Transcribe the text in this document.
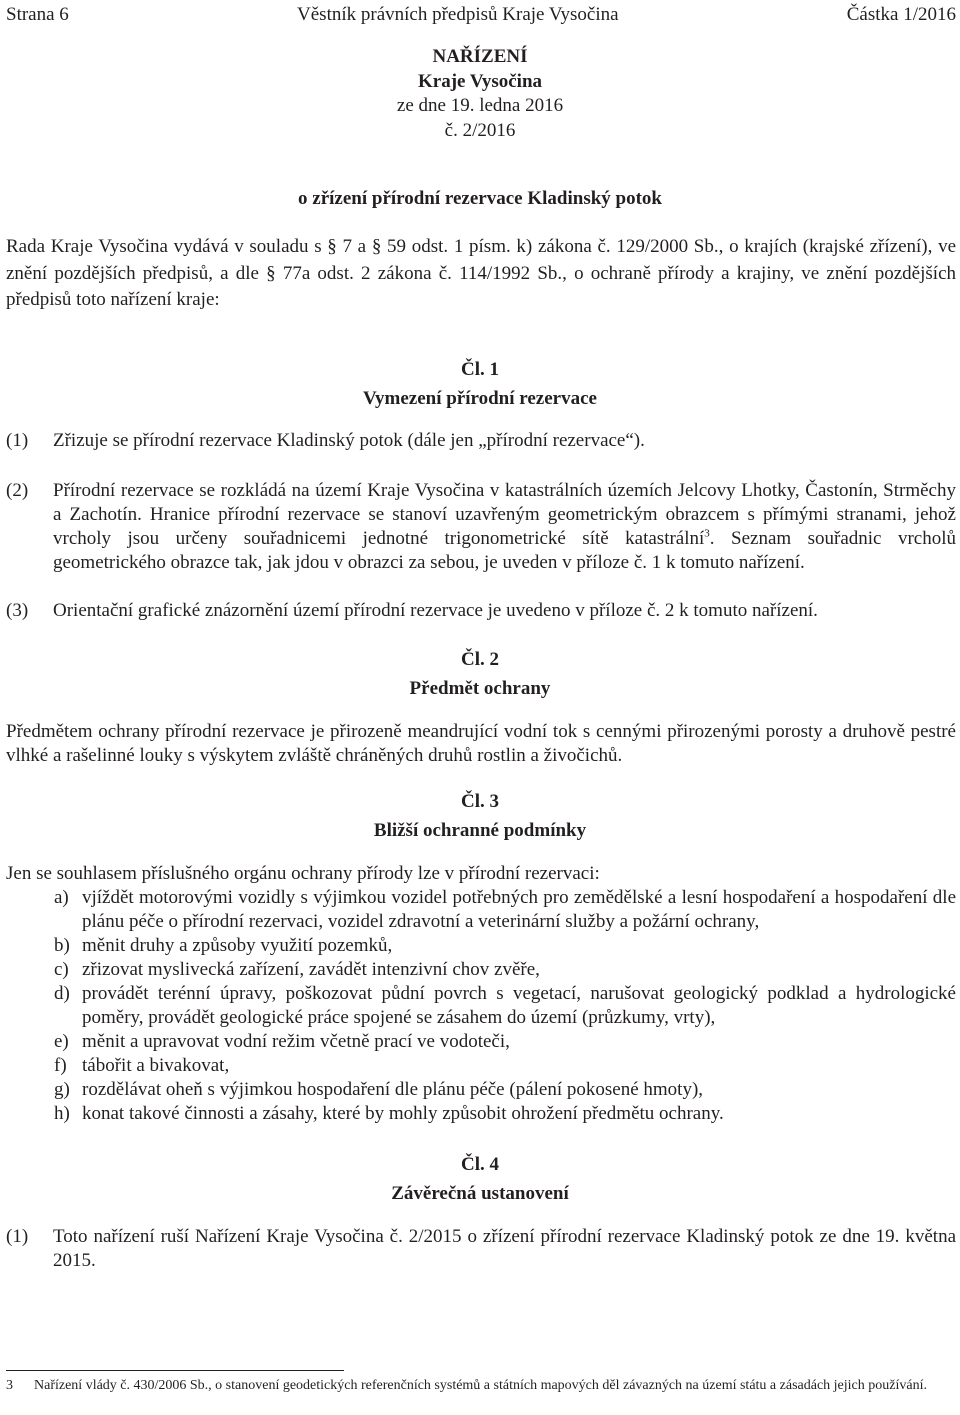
Strana 6	Věstník právních předpisů Kraje Vysočina	Částka 1/2016
NAŘÍZENÍ
Kraje Vysočina
ze dne 19. ledna 2016
č. 2/2016
o zřízení přírodní rezervace Kladinský potok
Rada Kraje Vysočina vydává v souladu s § 7 a § 59 odst. 1 písm. k) zákona č. 129/2000 Sb., o krajích (krajské zřízení), ve znění pozdějších předpisů, a dle § 77a odst. 2 zákona č. 114/1992 Sb., o ochraně přírody a krajiny, ve znění pozdějších předpisů toto nařízení kraje:
Čl. 1
Vymezení přírodní rezervace
(1)	Zřizuje se přírodní rezervace Kladinský potok (dále jen „přírodní rezervace“).
(2)	Přírodní rezervace se rozkládá na území Kraje Vysočina v katastrálních územích Jelcovy Lhotky, Častonín, Strměchy a Zachotín. Hranice přírodní rezervace se stanoví uzavřeným geometrickým obrazcem s přímými stranami, jehož vrcholy jsou určeny souřadnicemi jednotné trigonometrické sítě katastrální$^3$. Seznam souřadnic vrcholů geometrického obrazce tak, jak jdou v obrazci za sebou, je uveden v příloze č. 1 k tomuto nařízení.
(3)	Orientační grafické znázornění území přírodní rezervace je uvedeno v příloze č. 2 k tomuto nařízení.
Čl. 2
Předmět ochrany
Předmětem ochrany přírodní rezervace je přirozeně meandrující vodní tok s cennými přirozenými porosty a druhově pestré vlhké a rašelinné louky s výskytem zvláště chráněných druhů rostlin a živočichů.
Čl. 3
Bližší ochranné podmínky
Jen se souhlasem příslušného orgánu ochrany přírody lze v přírodní rezervaci:
a) vjíždět motorovými vozidly s výjimkou vozidel potřebných pro zemědělské a lesní hospodaření a hospodaření dle plánu péče o přírodní rezervaci, vozidel zdravotní a veterinární služby a požární ochrany,
b) měnit druhy a způsoby využití pozemků,
c) zřizovat myslivecká zařízení, zavádět intenzivní chov zvěře,
d) provádět terénní úpravy, poškozovat půdní povrch s vegetací, narušovat geologický podklad a hydrologické poměry, provádět geologické práce spojené se zásahem do území (průzkumy, vrty),
e) měnit a upravovat vodní režim včetně prací ve vodoteči,
f) tábořit a bivakovat,
g) rozdělávat oheň s výjimkou hospodaření dle plánu péče (pálení pokosené hmoty),
h) konat takové činnosti a zásahy, které by mohly způsobit ohrožení předmětu ochrany.
Čl. 4
Závěrečná ustanovení
(1)	Toto nařízení ruší Nařízení Kraje Vysočina č. 2/2015 o zřízení přírodní rezervace Kladinský potok ze dne 19. května 2015.
3	Nařízení vlády č. 430/2006 Sb., o stanovení geodetických referenčních systémů a státních mapových děl závazných na území státu a zásadách jejich používání.
